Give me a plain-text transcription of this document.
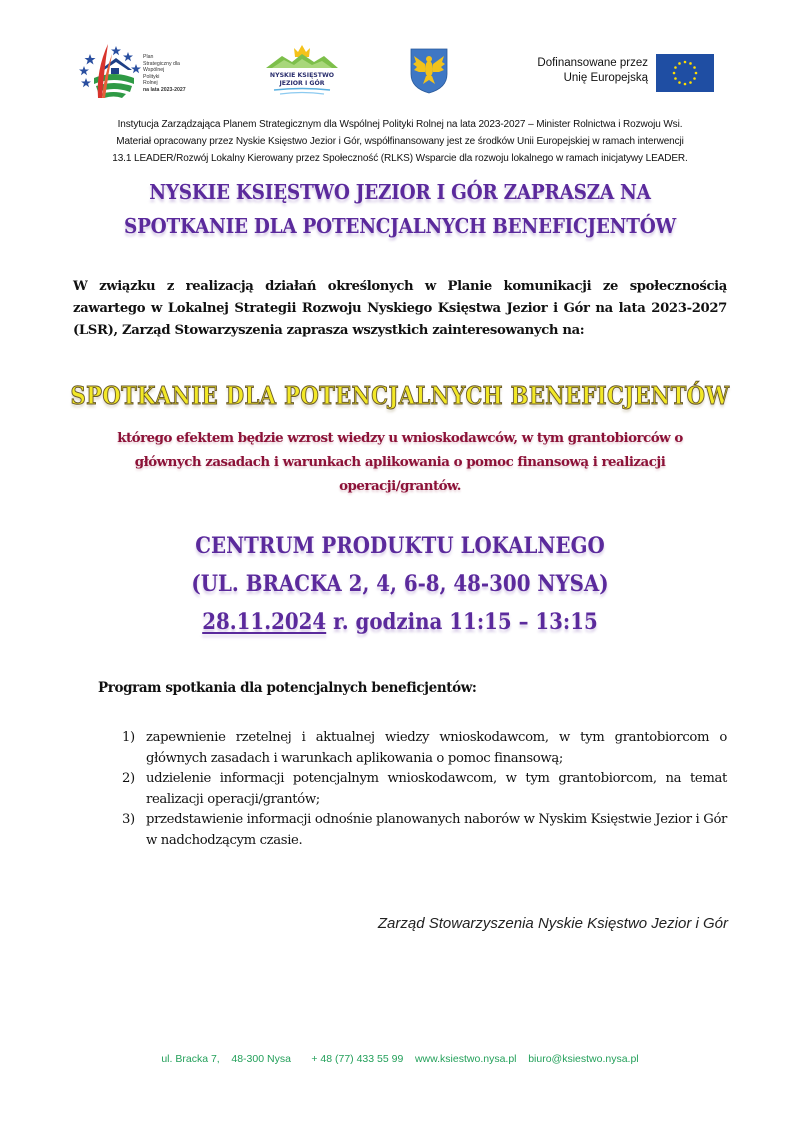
Plan
Strategiczny dla
Wspólnej
Polityki
Rolnej
na lata 2023-2027
NYSKIE KSIĘSTWO
JEZIOR I GÓR
Dofinansowane przez
Unię Europejską
Instytucja Zarządzająca Planem Strategicznym dla Wspólnej Polityki Rolnej na lata 2023-2027 – Minister Rolnictwa i Rozwoju Wsi.
Materiał opracowany przez Nyskie Księstwo Jezior i Gór, współfinansowany jest ze środków Unii Europejskiej w ramach interwencji
13.1 LEADER/Rozwój Lokalny Kierowany przez Społeczność (RLKS) Wsparcie dla rozwoju lokalnego w ramach inicjatywy LEADER.
NYSKIE KSIĘSTWO JEZIOR I GÓR ZAPRASZA NA
SPOTKANIE DLA POTENCJALNYCH BENEFICJENTÓW
W związku z realizacją działań określonych w Planie komunikacji ze społecznością zawartego w Lokalnej Strategii Rozwoju Nyskiego Księstwa Jezior i Gór na lata 2023-2027 (LSR), Zarząd Stowarzyszenia zaprasza wszystkich zainteresowanych na:
SPOTKANIE DLA POTENCJALNYCH BENEFICJENTÓW
którego efektem będzie wzrost wiedzy u wnioskodawców, w tym grantobiorców o
głównych zasadach i warunkach aplikowania o pomoc finansową i realizacji
operacji/grantów.
CENTRUM PRODUKTU LOKALNEGO
(UL. BRACKA 2, 4, 6-8, 48-300 NYSA)
28.11.2024 r. godzina 11:15 – 13:15
Program spotkania dla potencjalnych beneficjentów:
1) zapewnienie rzetelnej i aktualnej wiedzy wnioskodawcom, w tym grantobiorcom o głównych zasadach i warunkach aplikowania o pomoc finansową;
2) udzielenie informacji potencjalnym wnioskodawcom, w tym grantobiorcom, na temat realizacji operacji/grantów;
3) przedstawienie informacji odnośnie planowanych naborów w Nyskim Księstwie Jezior i Gór w nadchodzącym czasie.
Zarząd Stowarzyszenia Nyskie Księstwo Jezior i Gór
ul. Bracka 7,    48-300 Nysa + 48 (77) 433 55 99 www.ksiestwo.nysa.pl biuro@ksiestwo.nysa.pl
